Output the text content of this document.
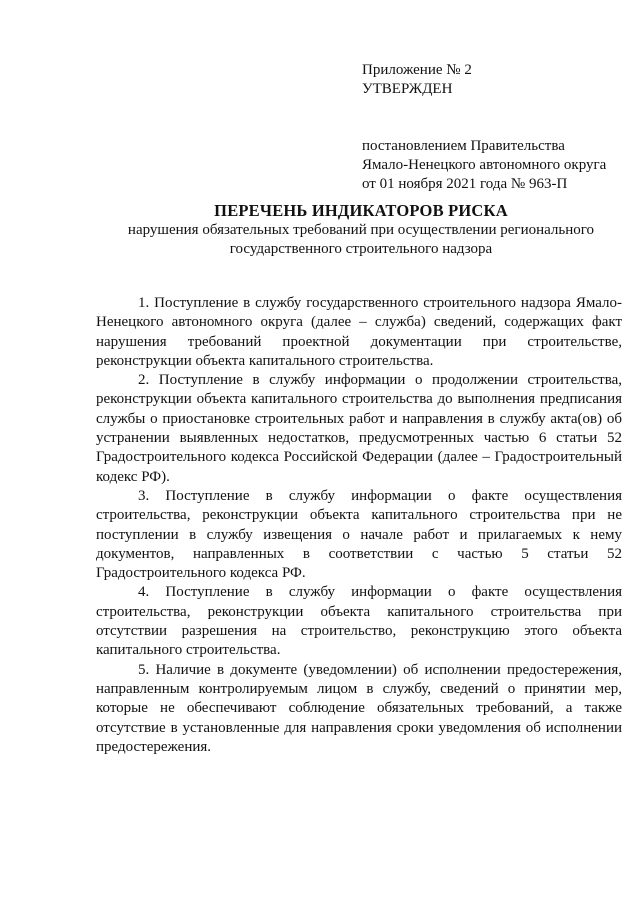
Приложение № 2
УТВЕРЖДЕН
постановлением Правительства
Ямало-Ненецкого автономного округа
от 01 ноября 2021 года № 963-П
ПЕРЕЧЕНЬ ИНДИКАТОРОВ РИСКА
нарушения обязательных требований при осуществлении регионального
государственного строительного надзора

1. Поступление в службу государственного строительного надзора Ямало-Ненецкого автономного округа (далее – служба) сведений, содержащих факт нарушения требований проектной документации при строительстве, реконструкции объекта капитального строительства.

2. Поступление в службу информации о продолжении строительства, реконструкции объекта капитального строительства до выполнения предписания службы о приостановке строительных работ и направления в службу акта(ов) об устранении выявленных недостатков, предусмотренных частью 6 статьи 52 Градостроительного кодекса Российской Федерации (далее – Градостроительный кодекс РФ).

3. Поступление в службу информации о факте осуществления строительства, реконструкции объекта капитального строительства при не поступлении в службу извещения о начале работ и прилагаемых к нему документов, направленных в соответствии с частью 5 статьи 52 Градостроительного кодекса РФ.

4. Поступление в службу информации о факте осуществления строительства, реконструкции объекта капитального строительства при отсутствии разрешения на строительство, реконструкцию этого объекта капитального строительства.

5. Наличие в документе (уведомлении) об исполнении предостережения, направленным контролируемым лицом в службу, сведений о принятии мер, которые не обеспечивают соблюдение обязательных требований, а также отсутствие в установленные для направления сроки уведомления об исполнении предостережения.
